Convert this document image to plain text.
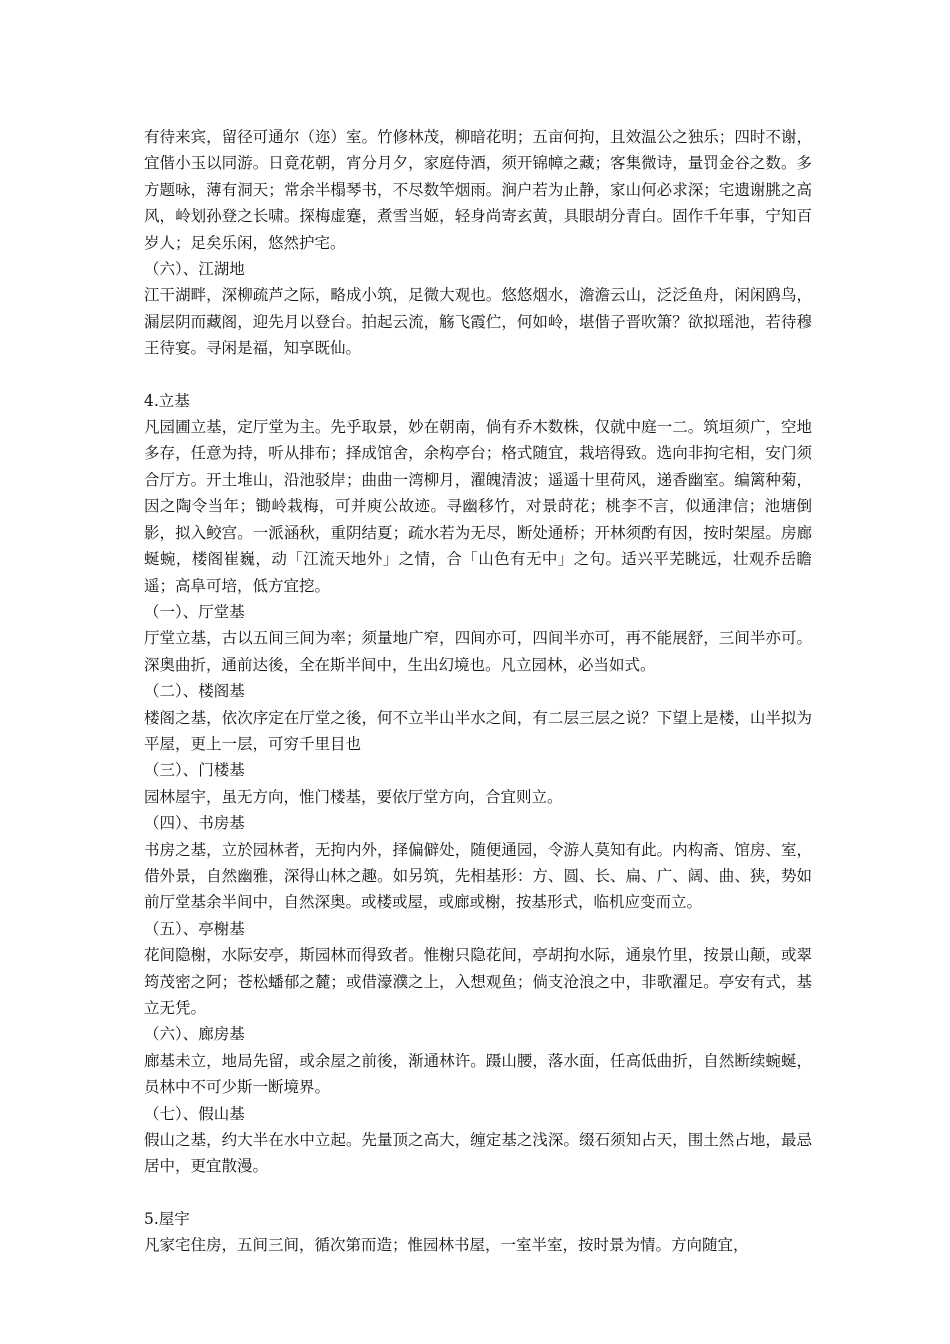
有待来宾，留径可通尔（迩）室。竹修林茂，柳暗花明；五亩何拘，且效温公之独乐；四时不谢，宜偕小玉以同游。日竟花朝，宵分月夕，家庭侍酒，须开锦幛之藏；客集微诗，量罚金谷之数。多方题咏，薄有洞天；常余半榻琴书，不尽数竿烟雨。涧户若为止静，家山何必求深；宅遗谢朓之高风，岭划孙登之长啸。探梅虚蹇，煮雪当姬，轻身尚寄玄黄，具眼胡分青白。固作千年事，宁知百岁人；足矣乐闲，悠然护宅。

（六）、江湖地

江干湖畔，深柳疏芦之际，略成小筑，足微大观也。悠悠烟水，澹澹云山，泛泛鱼舟，闲闲鸥鸟，漏层阴而藏阁，迎先月以登台。拍起云流，觞飞霞伫，何如岭，堪偕子晋吹箫？欲拟瑶池，若待穆王待宴。寻闲是福，知享既仙。

4.立基

凡园圃立基，定厅堂为主。先乎取景，妙在朝南，倘有乔木数株，仅就中庭一二。筑垣须广，空地多存，任意为持，听从排布；择成馆舍，余构亭台；格式随宜，栽培得致。选向非拘宅相，安门须合厅方。开土堆山，沿池驳岸；曲曲一湾柳月，濯魄清波；遥遥十里荷风，递香幽室。编篱种菊，因之陶令当年；锄岭栽梅，可并庾公故迹。寻幽移竹，对景莳花；桃李不言，似通津信；池塘倒影，拟入鲛宫。一派涵秋，重阴结夏；疏水若为无尽，断处通桥；开林须酌有因，按时架屋。房廊蜒蜿，楼阁崔巍，动「江流天地外」之情，合「山色有无中」之句。适兴平芜眺远，壮观乔岳瞻遥；高阜可培，低方宜挖。

（一）、厅堂基

厅堂立基，古以五间三间为率；须量地广窄，四间亦可，四间半亦可，再不能展舒，三间半亦可。深奥曲折，通前达後，全在斯半间中，生出幻境也。凡立园林，必当如式。

（二）、楼阁基

楼阁之基，依次序定在厅堂之後，何不立半山半水之间，有二层三层之说？下望上是楼，山半拟为平屋，更上一层，可穷千里目也

（三）、门楼基

园林屋宇，虽无方向，惟门楼基，要依厅堂方向，合宜则立。

（四）、书房基

书房之基，立於园林者，无拘内外，择偏僻处，随便通园，令游人莫知有此。内构斋、馆房、室，借外景，自然幽雅，深得山林之趣。如另筑，先相基形：方、圆、长、扁、广、阔、曲、狭，势如前厅堂基余半间中，自然深奥。或楼或屋，或廊或榭，按基形式，临机应变而立。

（五）、亭榭基

花间隐榭，水际安亭，斯园林而得致者。惟榭只隐花间，亭胡拘水际，通泉竹里，按景山颠，或翠筠茂密之阿；苍松蟠郁之麓；或借濠濮之上，入想观鱼；倘支沧浪之中，非歌濯足。亭安有式，基立无凭。

（六）、廊房基

廊基未立，地局先留，或余屋之前後，渐通林许。蹑山腰，落水面，任高低曲折，自然断续蜿蜒，员林中不可少斯一断境界。

（七）、假山基

假山之基，约大半在水中立起。先量顶之高大，缠定基之浅深。缀石须知占天，围土然占地，最忌居中，更宜散漫。

5.屋宇

凡家宅住房，五间三间，循次第而造；惟园林书屋，一室半室，按时景为情。方向随宜，
